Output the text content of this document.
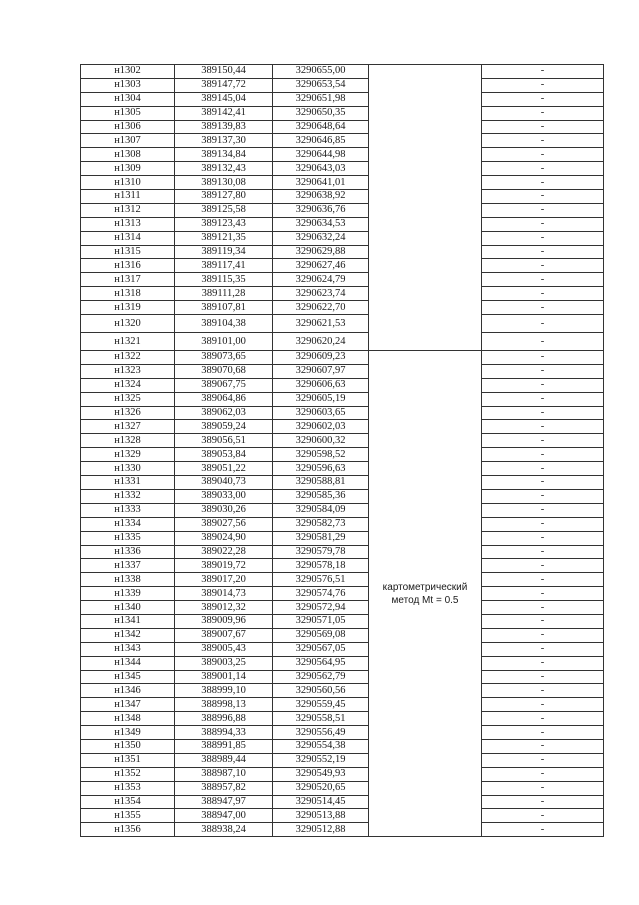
н1302	389150,44	3290655,00		-
н1303	389147,72	3290653,54		-
н1304	389145,04	3290651,98		-
н1305	389142,41	3290650,35		-
н1306	389139,83	3290648,64		-
н1307	389137,30	3290646,85		-
н1308	389134,84	3290644,98		-
н1309	389132,43	3290643,03		-
н1310	389130,08	3290641,01		-
н1311	389127,80	3290638,92		-
н1312	389125,58	3290636,76		-
н1313	389123,43	3290634,53		-
н1314	389121,35	3290632,24		-
н1315	389119,34	3290629,88		-
н1316	389117,41	3290627,46		-
н1317	389115,35	3290624,79		-
н1318	389111,28	3290623,74		-
н1319	389107,81	3290622,70		-
н1320	389104,38	3290621,53		-
н1321	389101,00	3290620,24		-
н1322	389073,65	3290609,23	картометрический метод Mt = 0.5	-
н1323	389070,68	3290607,97		-
н1324	389067,75	3290606,63		-
н1325	389064,86	3290605,19		-
н1326	389062,03	3290603,65		-
н1327	389059,24	3290602,03		-
н1328	389056,51	3290600,32		-
н1329	389053,84	3290598,52		-
н1330	389051,22	3290596,63		-
н1331	389040,73	3290588,81		-
н1332	389033,00	3290585,36		-
н1333	389030,26	3290584,09		-
н1334	389027,56	3290582,73		-
н1335	389024,90	3290581,29		-
н1336	389022,28	3290579,78		-
н1337	389019,72	3290578,18		-
н1338	389017,20	3290576,51		-
н1339	389014,73	3290574,76		-
н1340	389012,32	3290572,94		-
н1341	389009,96	3290571,05		-
н1342	389007,67	3290569,08		-
н1343	389005,43	3290567,05		-
н1344	389003,25	3290564,95		-
н1345	389001,14	3290562,79		-
н1346	388999,10	3290560,56		-
н1347	388998,13	3290559,45		-
н1348	388996,88	3290558,51		-
н1349	388994,33	3290556,49		-
н1350	388991,85	3290554,38		-
н1351	388989,44	3290552,19		-
н1352	388987,10	3290549,93		-
н1353	388957,82	3290520,65		-
н1354	388947,97	3290514,45		-
н1355	388947,00	3290513,88		-
н1356	388938,24	3290512,88		-
